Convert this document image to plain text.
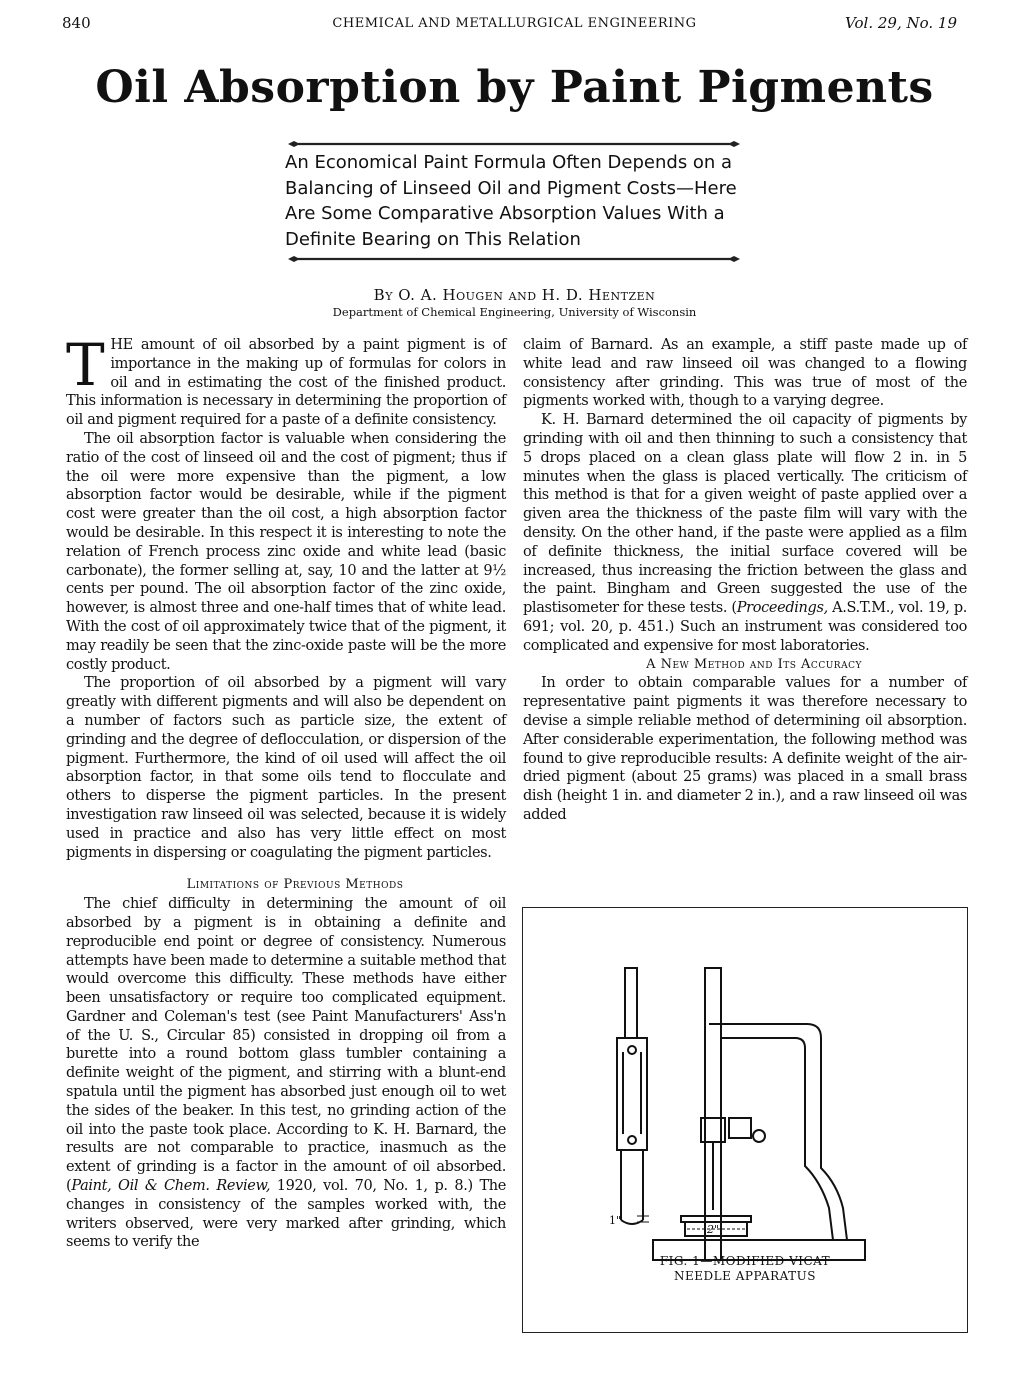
840	CHEMICAL AND METALLURGICAL ENGINEERING	Vol. 29, No. 19
Oil Absorption by Paint Pigments

An Economical Paint Formula Often Depends on a Balancing of Linseed Oil and Pigment Costs—Here Are Some Comparative Absorption Values With a Definite Bearing on This Relation

By O. A. Hougen and H. D. Hentzen
Department of Chemical Engineering, University of Wisconsin

THE amount of oil absorbed by a paint pigment is of importance in the making up of formulas for colors in oil and in estimating the cost of the finished product. This information is necessary in determining the proportion of oil and pigment required for a paste of a definite consistency.

The oil absorption factor is valuable when considering the ratio of the cost of linseed oil and the cost of pigment; thus if the oil were more expensive than the pigment, a low absorption factor would be desirable, while if the pigment cost were greater than the oil cost, a high absorption factor would be desirable. In this respect it is interesting to note the relation of French process zinc oxide and white lead (basic carbonate), the former selling at, say, 10 and the latter at 9½ cents per pound. The oil absorption factor of the zinc oxide, however, is almost three and one-half times that of white lead. With the cost of oil approximately twice that of the pigment, it may readily be seen that the zinc-oxide paste will be the more costly product.

The proportion of oil absorbed by a pigment will vary greatly with different pigments and will also be dependent on a number of factors such as particle size, the extent of grinding and the degree of deflocculation, or dispersion of the pigment. Furthermore, the kind of oil used will affect the oil absorption factor, in that some oils tend to flocculate and others to disperse the pigment particles. In the present investigation raw linseed oil was selected, because it is widely used in practice and also has very little effect on most pigments in dispersing or coagulating the pigment particles.

Limitations of Previous Methods

The chief difficulty in determining the amount of oil absorbed by a pigment is in obtaining a definite and reproducible end point or degree of consistency. Numerous attempts have been made to determine a suitable method that would overcome this difficulty. These methods have either been unsatisfactory or require too complicated equipment. Gardner and Coleman's test (see Paint Manufacturers' Ass'n of the U. S., Circular 85) consisted in dropping oil from a burette into a round bottom glass tumbler containing a definite weight of the pigment, and stirring with a blunt-end spatula until the pigment has absorbed just enough oil to wet the sides of the beaker. In this test, no grinding action of the oil into the paste took place. According to K. H. Barnard, the results are not comparable to practice, inasmuch as the extent of grinding is a factor in the amount of oil absorbed. (Paint, Oil & Chem. Review, 1920, vol. 70, No. 1, p. 8.) The changes in consistency of the samples worked with, the writers observed, were very marked after grinding, which seems to verify the

claim of Barnard. As an example, a stiff paste made up of white lead and raw linseed oil was changed to a flowing consistency after grinding. This was true of most of the pigments worked with, though to a varying degree.

K. H. Barnard determined the oil capacity of pigments by grinding with oil and then thinning to such a consistency that 5 drops placed on a clean glass plate will flow 2 in. in 5 minutes when the glass is placed vertically. The criticism of this method is that for a given weight of paste applied over a given area the thickness of the paste film will vary with the density. On the other hand, if the paste were applied as a film of definite thickness, the initial surface covered will be increased, thus increasing the friction between the glass and the paint. Bingham and Green suggested the use of the plastisometer for these tests. (Proceedings, A.S.T.M., vol. 19, p. 691; vol. 20, p. 451.) Such an instrument was considered too complicated and expensive for most laboratories.

A New Method and Its Accuracy

In order to obtain comparable values for a number of representative paint pigments it was therefore necessary to devise a simple reliable method of determining oil absorption. After considerable experimentation, the following method was found to give reproducible results: A definite weight of the air-dried pigment (about 25 grams) was placed in a small brass dish (height 1 in. and diameter 2 in.), and a raw linseed oil was added

1"
2"
FIG. 1—MODIFIED VICAT
NEEDLE APPARATUS
